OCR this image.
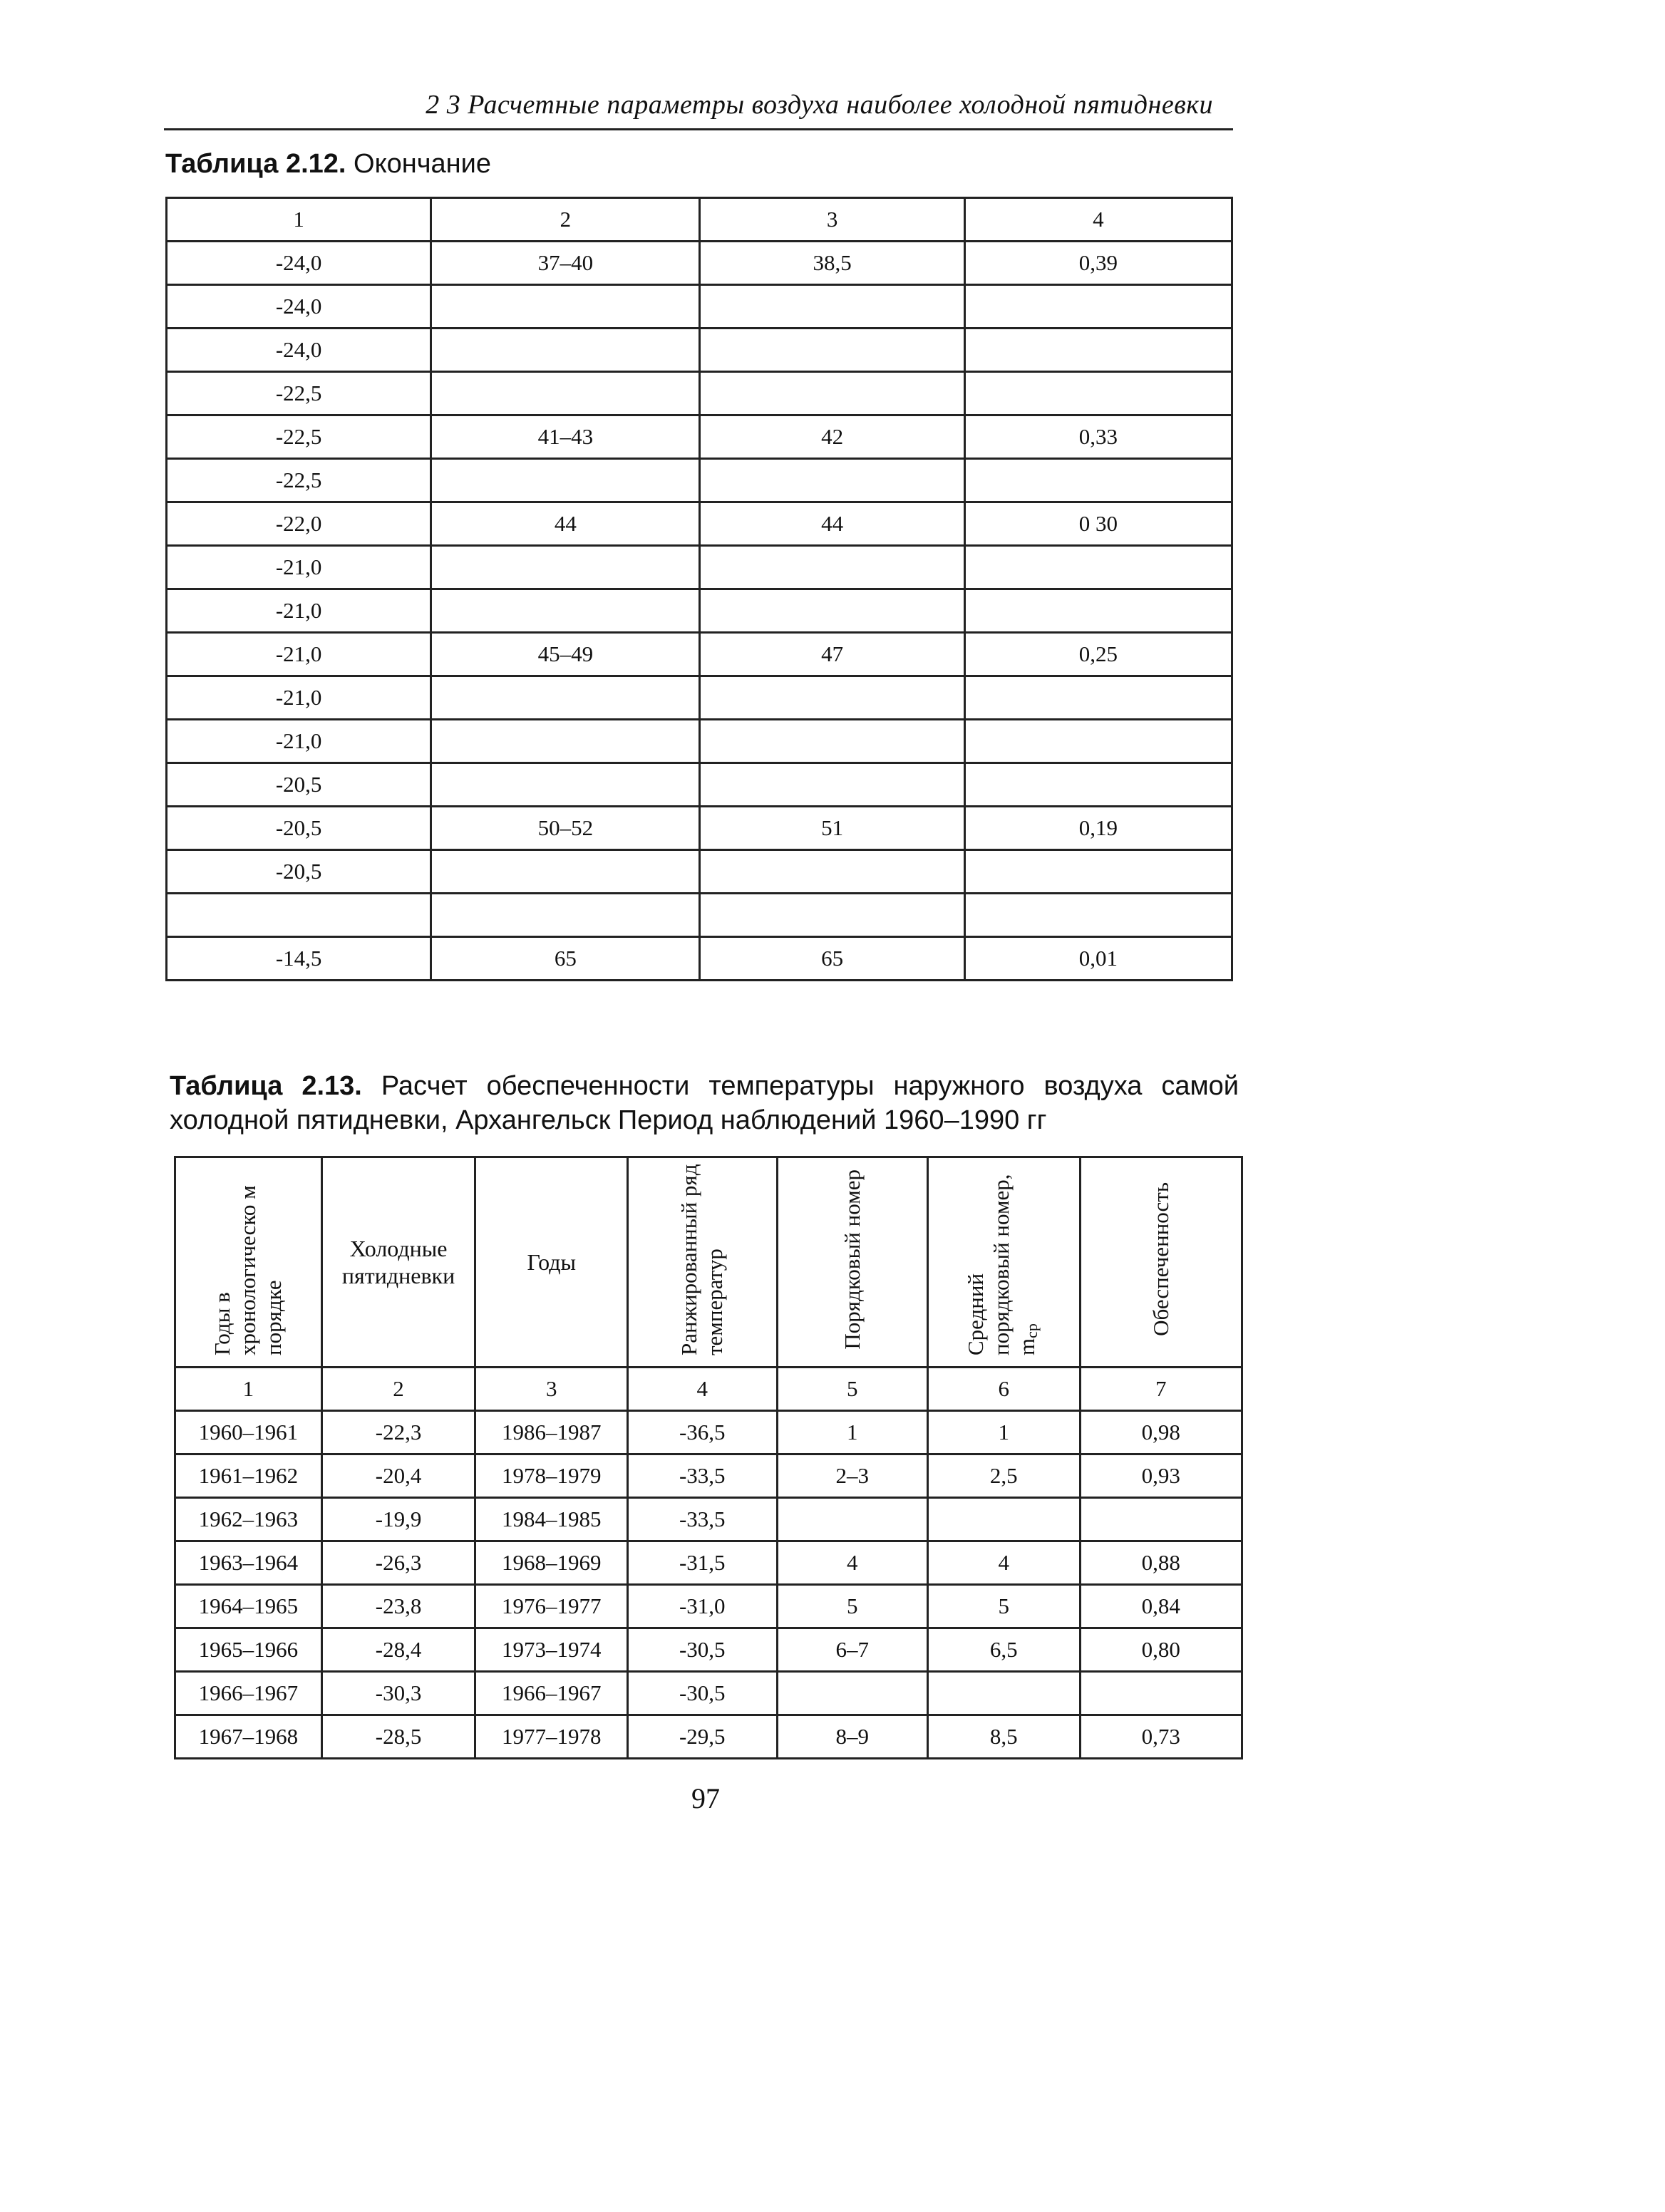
2 3 Расчетные параметры воздуха наиболее холодной пятидневки
Таблица 2.12. Окончание
1	2	3	4
-24,0	37–40	38,5	0,39
-24,0			
-24,0			
-22,5			
-22,5	41–43	42	0,33
-22,5			
-22,0	44	44	0 30
-21,0			
-21,0			
-21,0	45–49	47	0,25
-21,0			
-21,0			
-20,5			
-20,5	50–52	51	0,19
-20,5			

-14,5	65	65	0,01
Таблица 2.13. Расчет обеспеченности температуры наружного воздуха самой холодной пятидневки, Архангельск Период наблюдений 1960–1990 гг
Годы в хронологическо м порядке	Холодные пятидневки	Годы	Ранжированный ряд температур	Порядковый номер	Средний порядковый номер, $m_{ср}$	Обеспеченность
1	2	3	4	5	6	7
1960–1961	-22,3	1986–1987	-36,5	1	1	0,98
1961–1962	-20,4	1978–1979	-33,5	2–3	2,5	0,93
1962–1963	-19,9	1984–1985	-33,5			
1963–1964	-26,3	1968–1969	-31,5	4	4	0,88
1964–1965	-23,8	1976–1977	-31,0	5	5	0,84
1965–1966	-28,4	1973–1974	-30,5	6–7	6,5	0,80
1966–1967	-30,3	1966–1967	-30,5			
1967–1968	-28,5	1977–1978	-29,5	8–9	8,5	0,73
97
